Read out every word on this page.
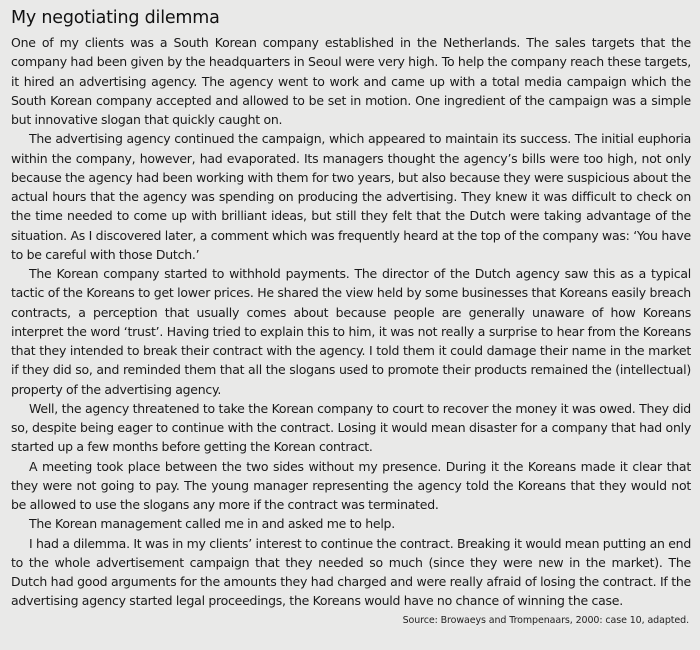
My negotiating dilemma

One of my clients was a South Korean company established in the Netherlands. The sales targets that the company had been given by the headquarters in Seoul were very high. To help the company reach these targets, it hired an advertising agency. The agency went to work and came up with a total media campaign which the South Korean company accepted and allowed to be set in motion. One ingredient of the campaign was a simple but innovative slogan that quickly caught on.

The advertising agency continued the campaign, which appeared to maintain its success. The initial euphoria within the company, however, had evaporated. Its managers thought the agency’s bills were too high, not only because the agency had been working with them for two years, but also because they were suspicious about the actual hours that the agency was spending on producing the advertising. They knew it was difficult to check on the time needed to come up with brilliant ideas, but still they felt that the Dutch were taking advantage of the situation. As I discovered later, a comment which was frequently heard at the top of the company was: ‘You have to be careful with those Dutch.’

The Korean company started to withhold payments. The director of the Dutch agency saw this as a typical tactic of the Koreans to get lower prices. He shared the view held by some businesses that Koreans easily breach contracts, a perception that usually comes about because people are generally unaware of how Koreans interpret the word ‘trust’. Having tried to explain this to him, it was not really a surprise to hear from the Koreans that they intended to break their contract with the agency. I told them it could damage their name in the market if they did so, and reminded them that all the slogans used to promote their products remained the (intellectual) property of the advertising agency.

Well, the agency threatened to take the Korean company to court to recover the money it was owed. They did so, despite being eager to continue with the contract. Losing it would mean disaster for a company that had only started up a few months before getting the Korean contract.

A meeting took place between the two sides without my presence. During it the Koreans made it clear that they were not going to pay. The young manager representing the agency told the Koreans that they would not be allowed to use the slogans any more if the contract was terminated.

The Korean management called me in and asked me to help.

I had a dilemma. It was in my clients’ interest to continue the contract. Breaking it would mean putting an end to the whole advertisement campaign that they needed so much (since they were new in the market). The Dutch had good arguments for the amounts they had charged and were really afraid of losing the contract. If the advertising agency started legal proceedings, the Koreans would have no chance of winning the case.

Source: Browaeys and Trompenaars, 2000: case 10, adapted.
